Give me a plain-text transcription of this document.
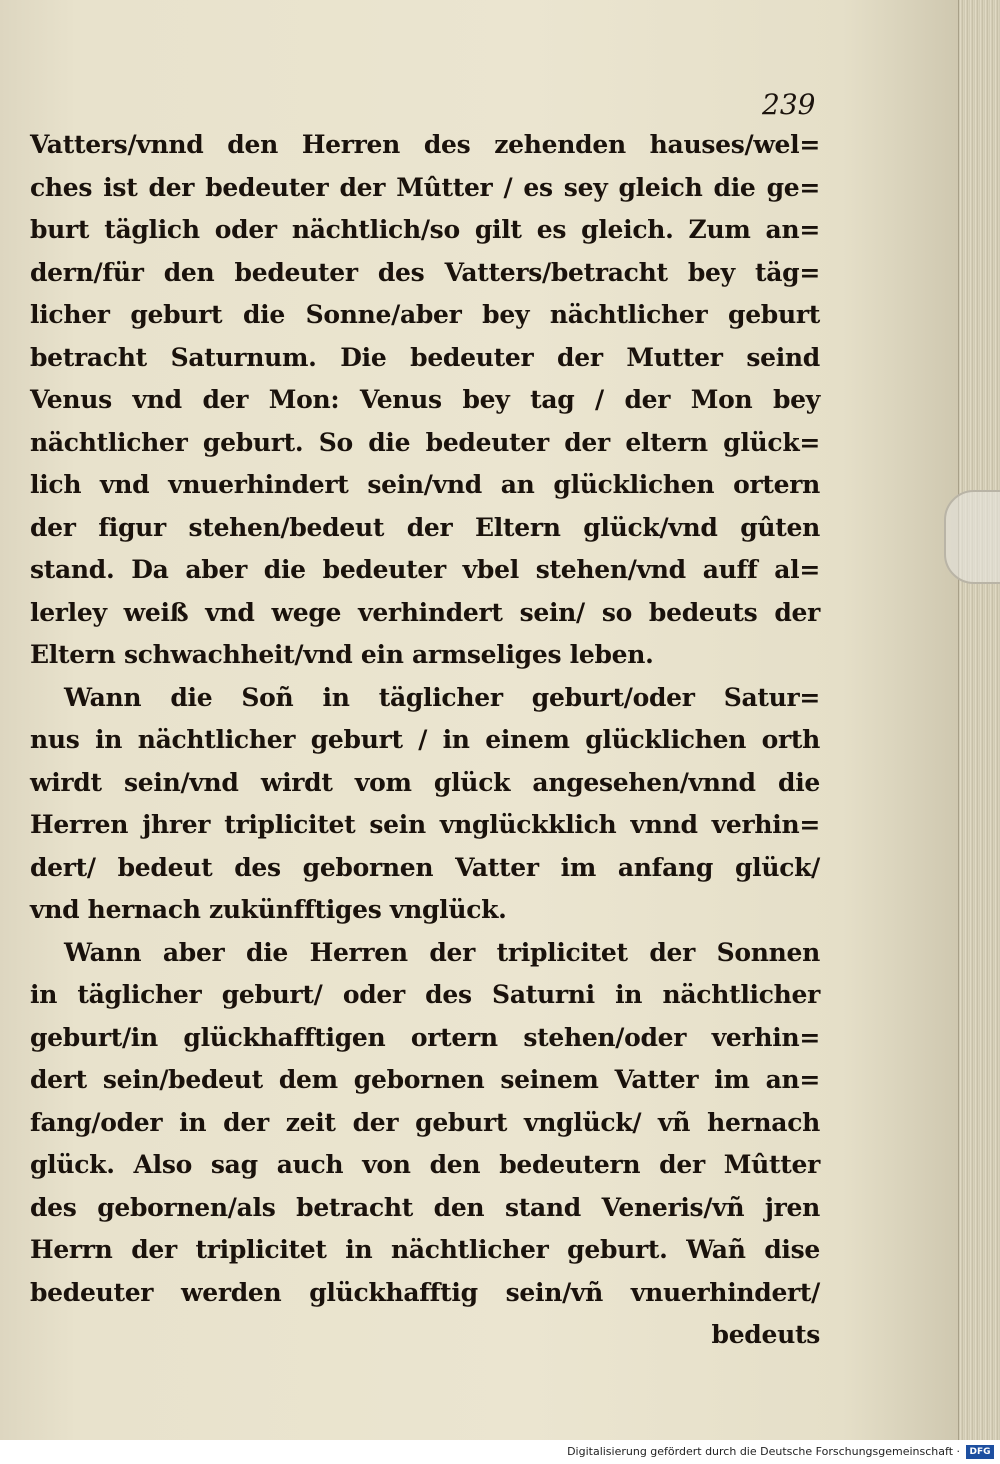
239
Vatters/vnnd den Herren des zehenden hauses/wel=
ches ist der bedeuter der Mûtter / es sey gleich die ge=
burt täglich oder nächtlich/so gilt es gleich. Zum an=
dern/für den bedeuter des Vatters/betracht bey täg=
licher geburt die Sonne/aber bey nächtlicher geburt
betracht Saturnum. Die bedeuter der Mutter seind
Venus vnd der Mon: Venus bey tag / der Mon bey
nächtlicher geburt. So die bedeuter der eltern glück=
lich vnd vnuerhindert sein/vnd an glücklichen ortern
der figur stehen/bedeut der Eltern glück/vnd gûten
stand. Da aber die bedeuter vbel stehen/vnd auff al=
lerley weiß vnd wege verhindert sein/ so bedeuts der
Eltern schwachheit/vnd ein armseliges leben.
Wann die Soñ in täglicher geburt/oder Satur=
nus in nächtlicher geburt / in einem glücklichen orth
wirdt sein/vnd wirdt vom glück angesehen/vnnd die
Herren jhrer triplicitet sein vnglückklich vnnd verhin=
dert/ bedeut des gebornen Vatter im anfang glück/
vnd hernach zukünfftiges vnglück.
Wann aber die Herren der triplicitet der Sonnen
in täglicher geburt/ oder des Saturni in nächtlicher
geburt/in glückhafftigen ortern stehen/oder verhin=
dert sein/bedeut dem gebornen seinem Vatter im an=
fang/oder in der zeit der geburt vnglück/ vñ hernach
glück. Also sag auch von den bedeutern der Mûtter
des gebornen/als betracht den stand Veneris/vñ jren
Herrn der triplicitet in nächtlicher geburt. Wañ dise
bedeuter werden glückhafftig sein/vñ vnuerhindert/
bedeuts
Digitalisierung gefördert durch die Deutsche Forschungsgemeinschaft ·	DFG
